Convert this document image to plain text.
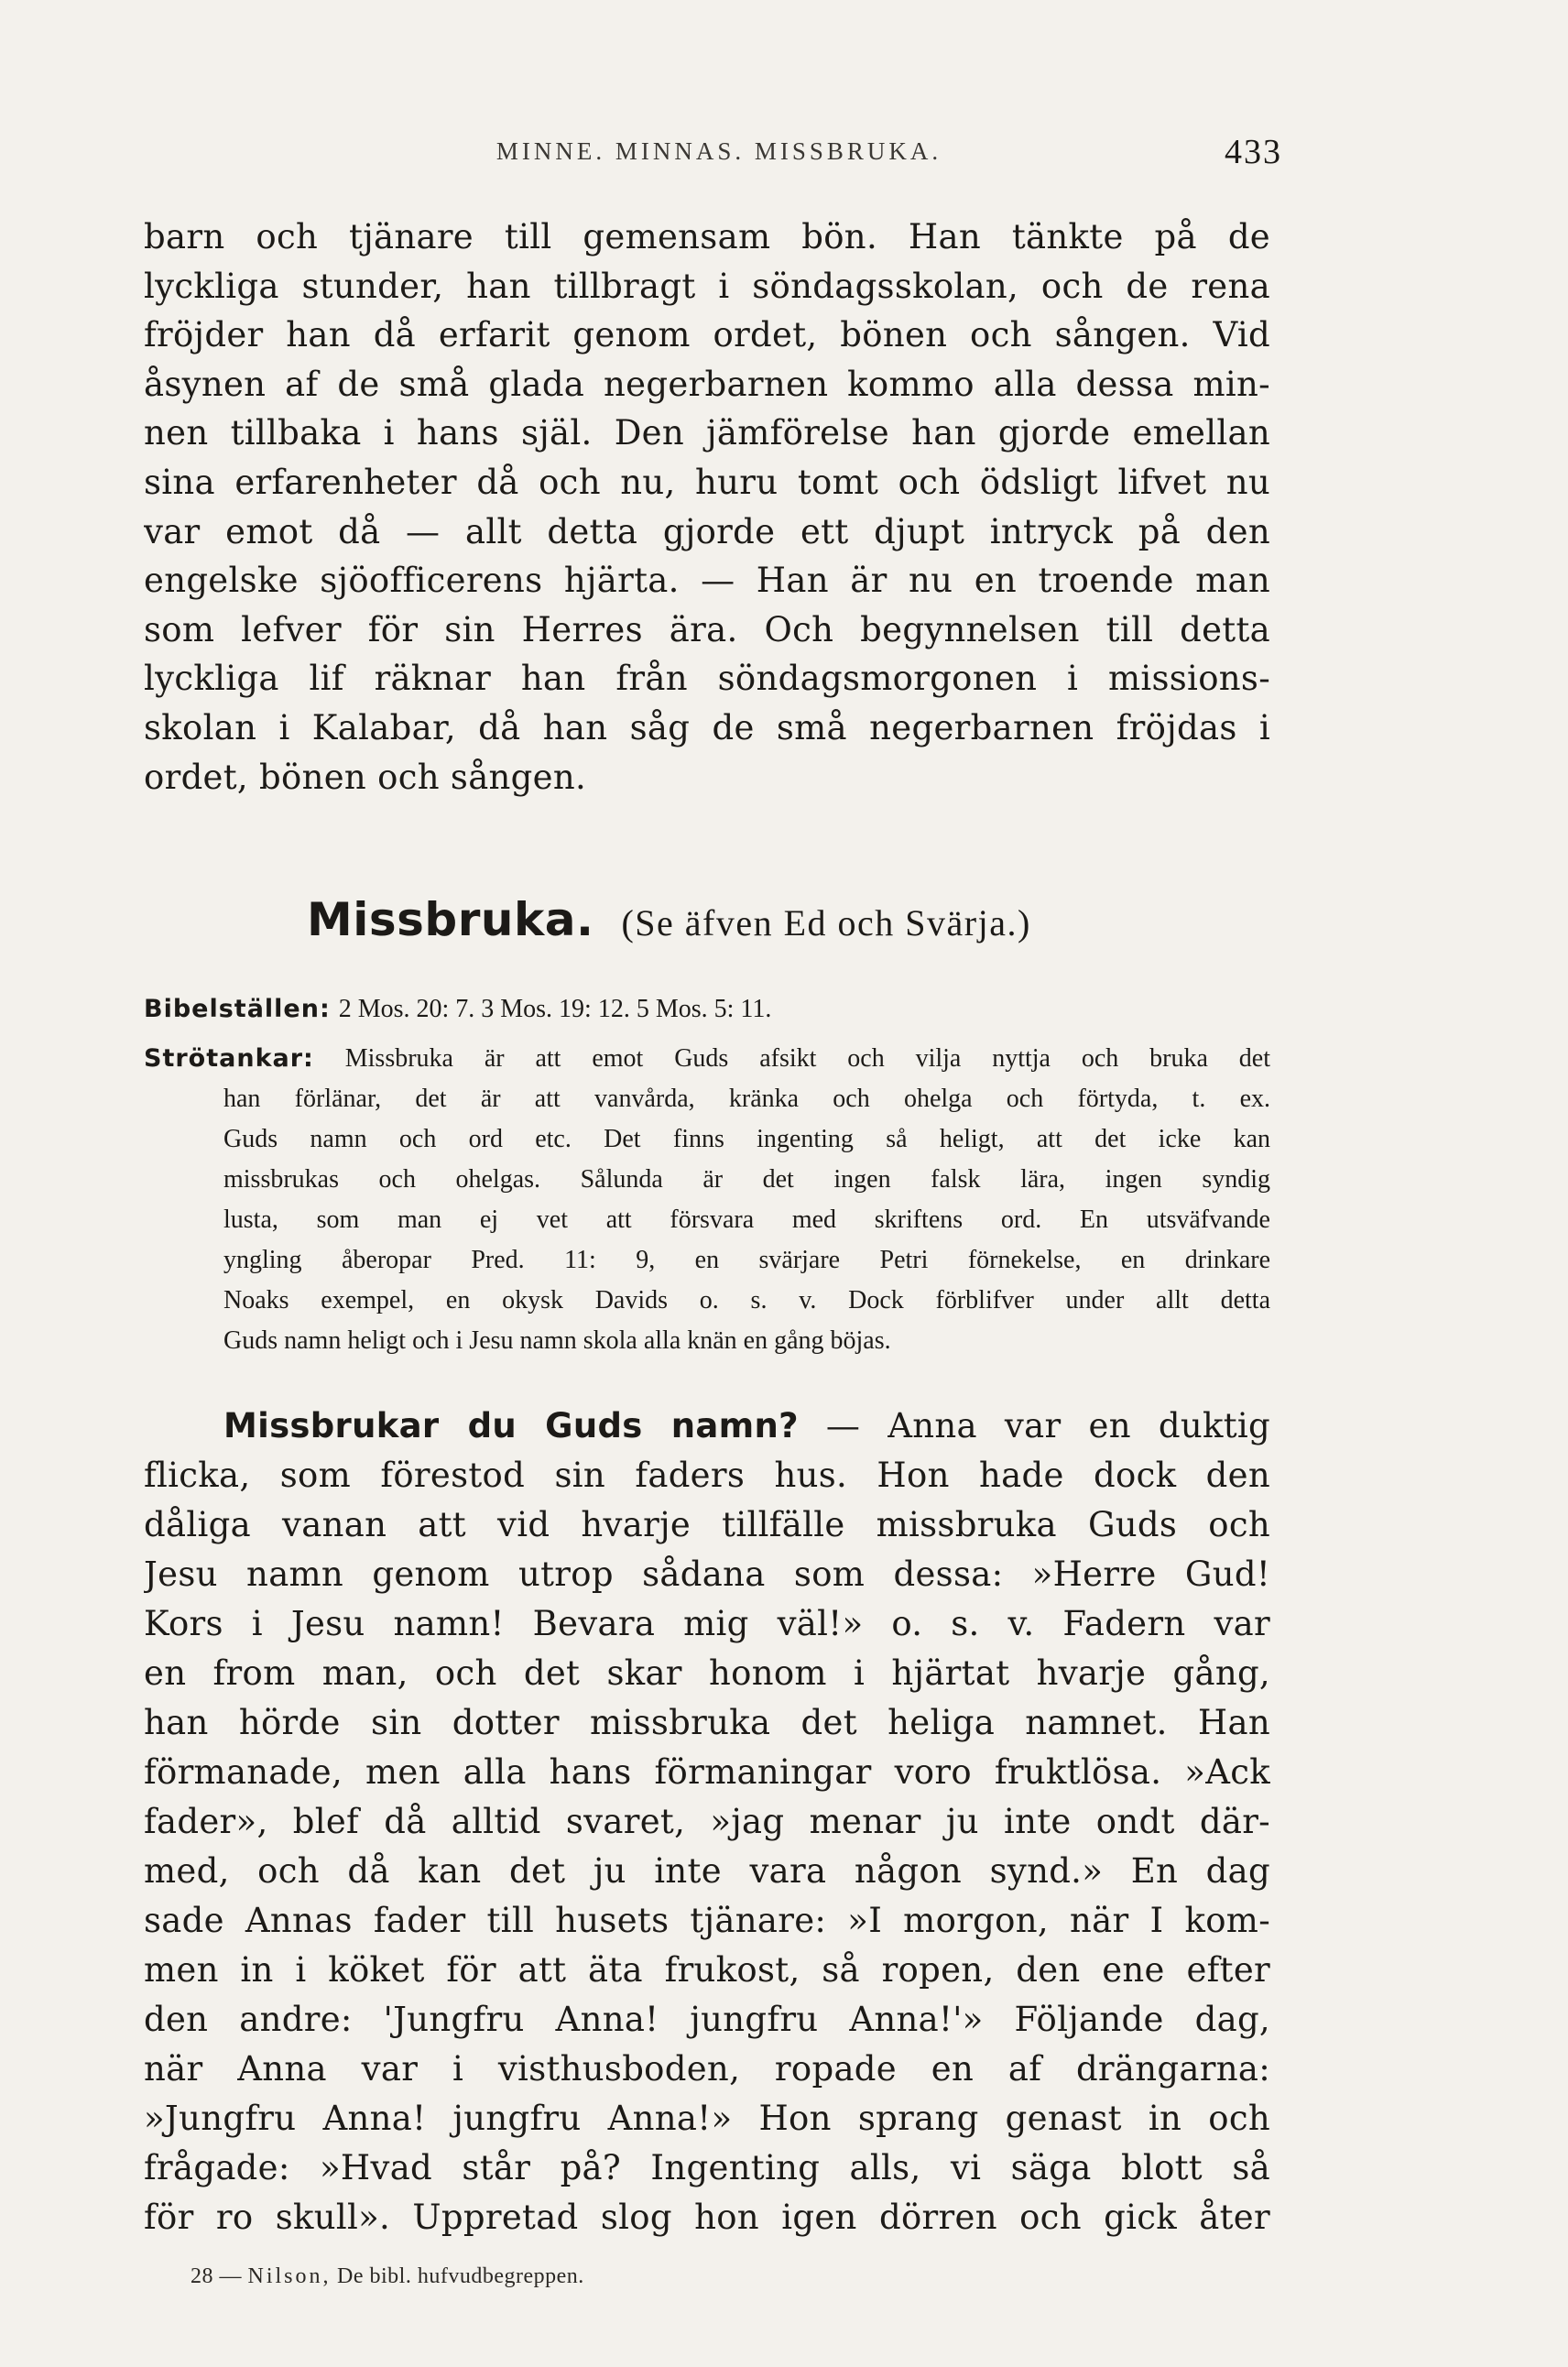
MINNE. MINNAS. MISSBRUKA.	433
barn och tjänare till gemensam bön. Han tänkte på de
lyckliga stunder, han tillbragt i söndagsskolan, och de rena
fröjder han då erfarit genom ordet, bönen och sången. Vid
åsynen af de små glada negerbarnen kommo alla dessa min-
nen tillbaka i hans själ. Den jämförelse han gjorde emellan
sina erfarenheter då och nu, huru tomt och ödsligt lifvet nu
var emot då — allt detta gjorde ett djupt intryck på den
engelske sjöofficerens hjärta. — Han är nu en troende man
som lefver för sin Herres ära. Och begynnelsen till detta
lyckliga lif räknar han från söndagsmorgonen i missions-
skolan i Kalabar, då han såg de små negerbarnen fröjdas i
ordet, bönen och sången.
Missbruka. (Se äfven Ed och Svärja.)
Bibelställen: 2 Mos. 20: 7. 3 Mos. 19: 12. 5 Mos. 5: 11.
Strötankar: Missbruka är att emot Guds afsikt och vilja nyttja och bruka det
han förlänar, det är att vanvårda, kränka och ohelga och förtyda, t. ex.
Guds namn och ord etc. Det finns ingenting så heligt, att det icke kan
missbrukas och ohelgas. Sålunda är det ingen falsk lära, ingen syndig
lusta, som man ej vet att försvara med skriftens ord. En utsväfvande
yngling åberopar Pred. 11: 9, en svärjare Petri förnekelse, en drinkare
Noaks exempel, en okysk Davids o. s. v. Dock förblifver under allt detta
Guds namn heligt och i Jesu namn skola alla knän en gång böjas.
Missbrukar du Guds namn? — Anna var en duktig
flicka, som förestod sin faders hus. Hon hade dock den
dåliga vanan att vid hvarje tillfälle missbruka Guds och
Jesu namn genom utrop sådana som dessa: »Herre Gud!
Kors i Jesu namn! Bevara mig väl!» o. s. v. Fadern var
en from man, och det skar honom i hjärtat hvarje gång,
han hörde sin dotter missbruka det heliga namnet. Han
förmanade, men alla hans förmaningar voro fruktlösa. »Ack
fader», blef då alltid svaret, »jag menar ju inte ondt där-
med, och då kan det ju inte vara någon synd.» En dag
sade Annas fader till husets tjänare: »I morgon, när I kom-
men in i köket för att äta frukost, så ropen, den ene efter
den andre: 'Jungfru Anna! jungfru Anna!'» Följande dag,
när Anna var i visthusboden, ropade en af drängarna:
»Jungfru Anna! jungfru Anna!» Hon sprang genast in och
frågade: »Hvad står på? Ingenting alls, vi säga blott så
för ro skull». Uppretad slog hon igen dörren och gick åter
28 — Nilson, De bibl. hufvudbegreppen.
